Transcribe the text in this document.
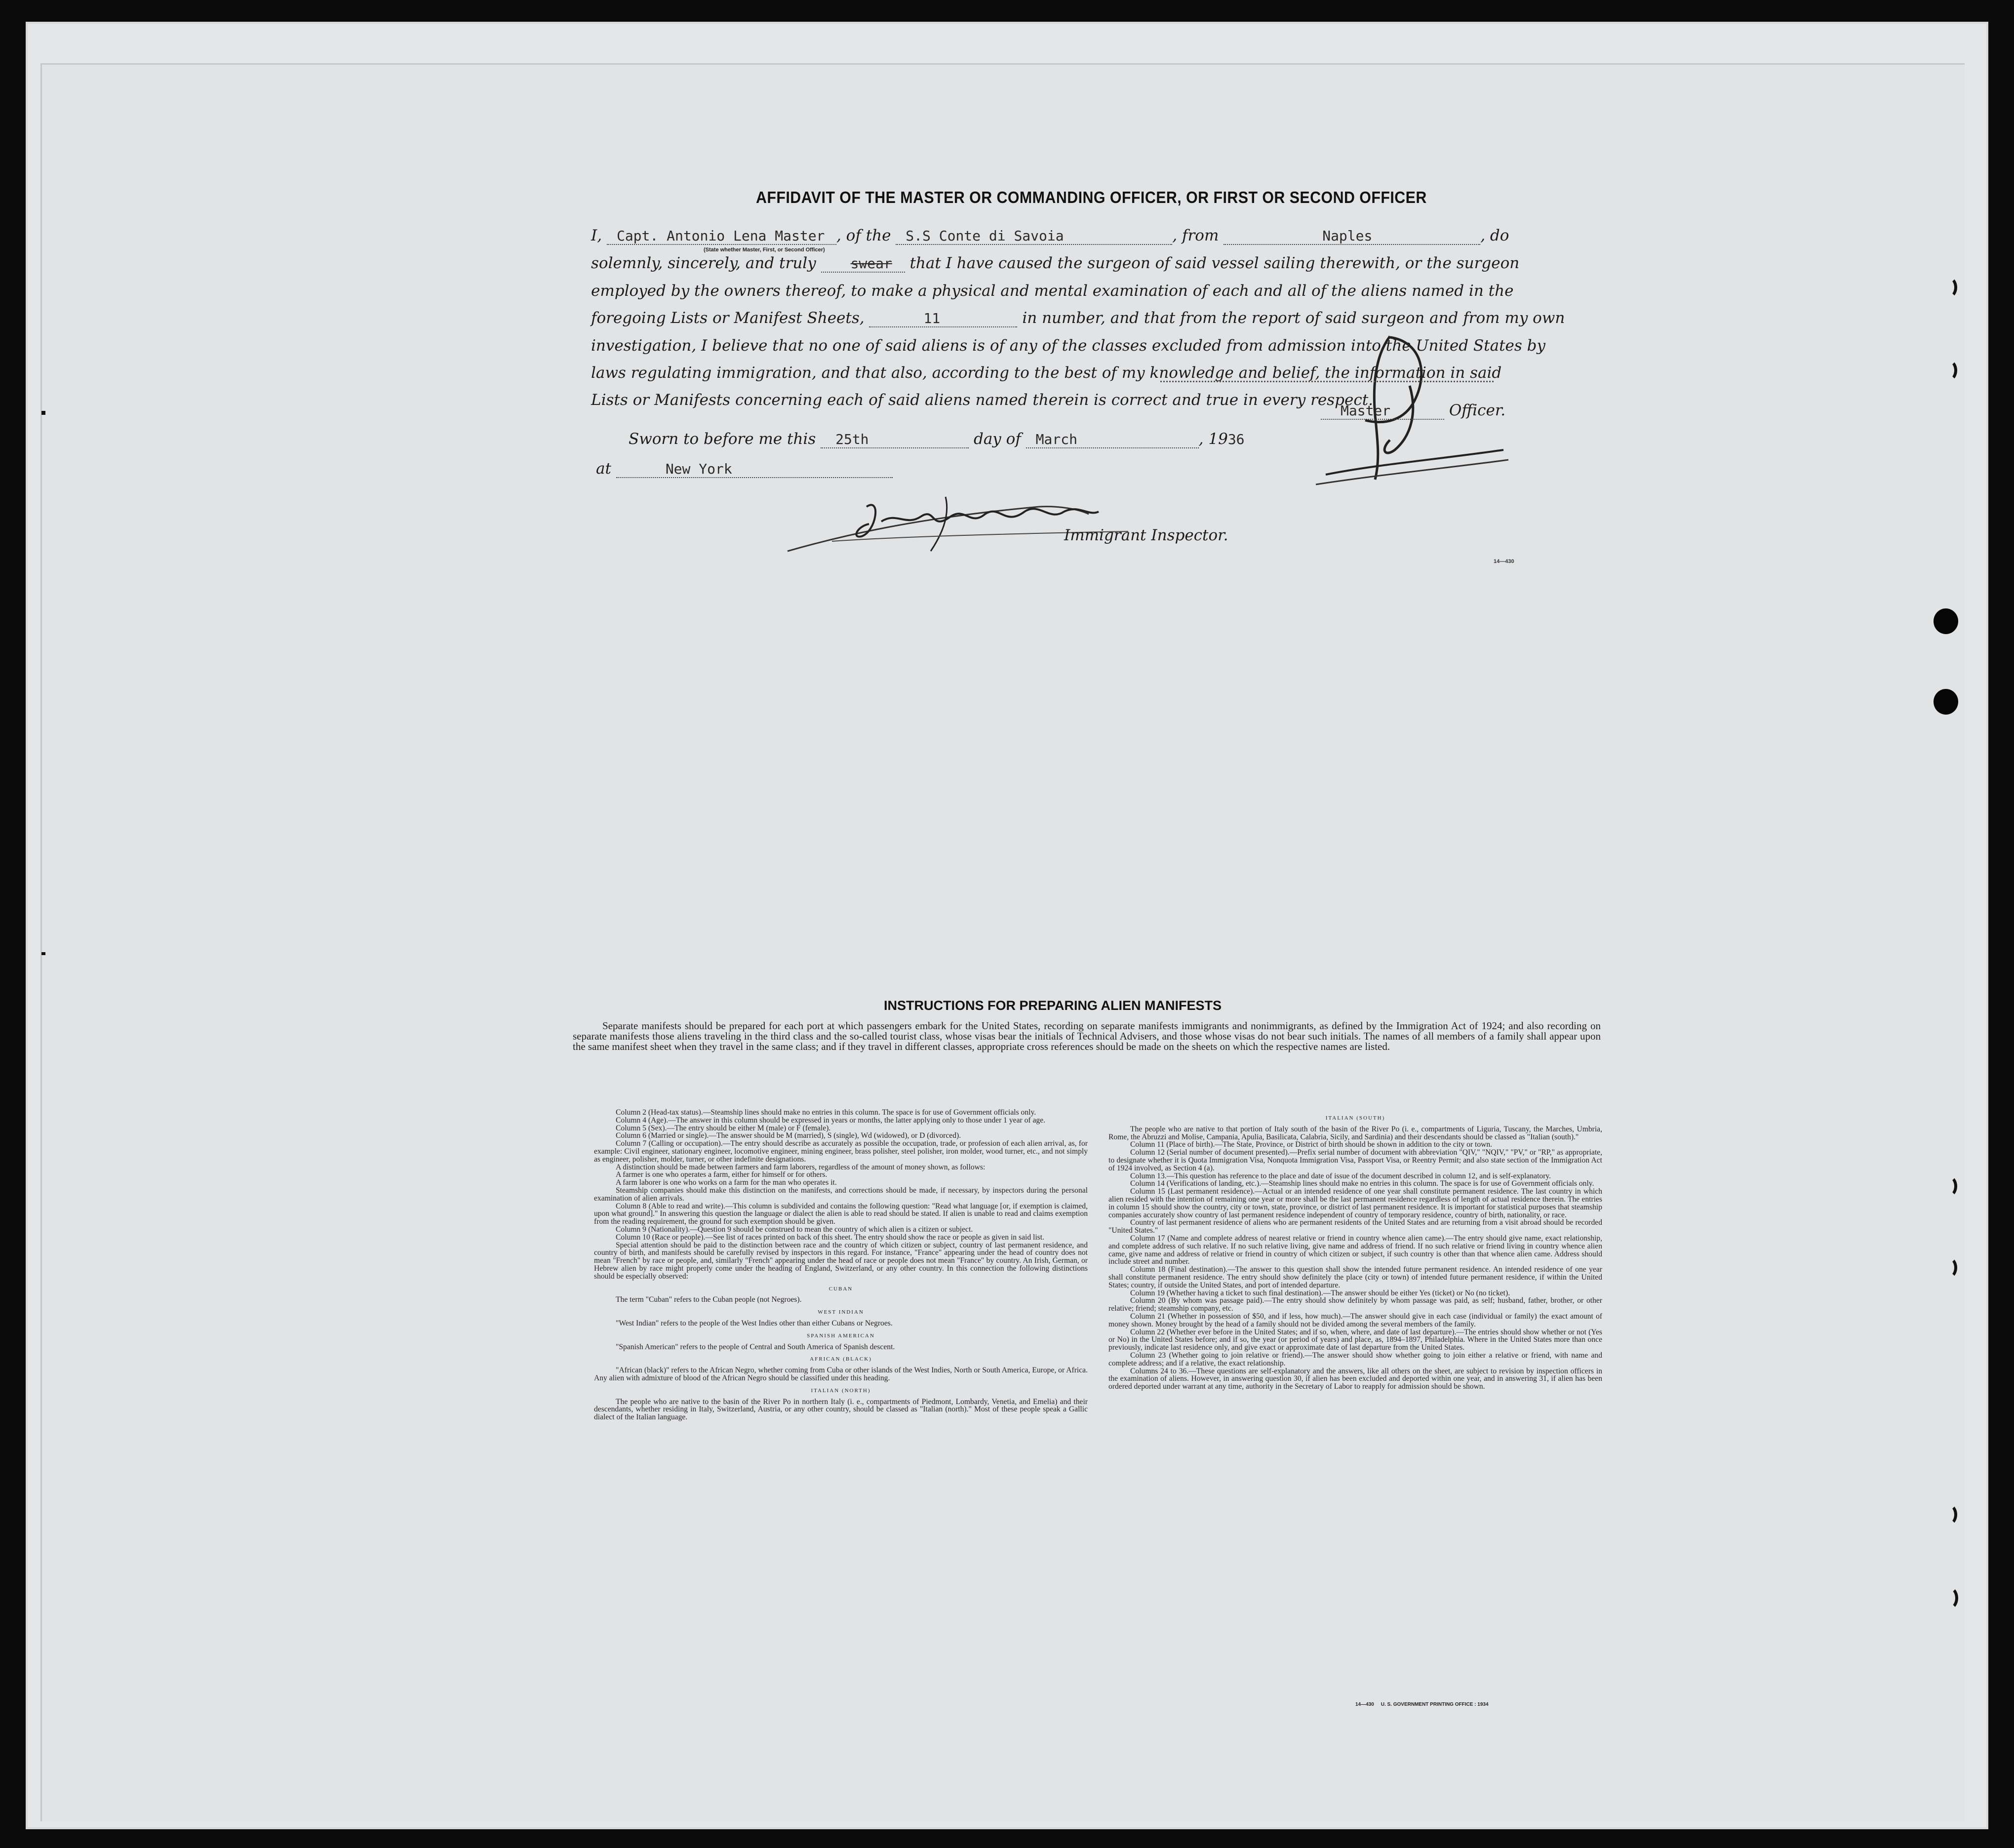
AFFIDAVIT OF THE MASTER OR COMMANDING OFFICER, OR FIRST OR SECOND OFFICER
I, Capt. Antonio Lena Master , of the S.S Conte di Savoia	, from	Naples	, do
(State whether Master, First, or Second Officer)
solemnly, sincerely, and truly swear that I have caused the surgeon of said vessel sailing therewith, or the surgeon
employed by the owners thereof, to make a physical and mental examination of each and all of the aliens named in the
foregoing Lists or Manifest Sheets,	11	in number, and that from the report of said surgeon and from my own
investigation, I believe that no one of said aliens is of any of the classes excluded from admission into the United States by
laws regulating immigration, and that also, according to the best of my knowledge and belief, the information in said
Lists or Manifests concerning each of said aliens named therein is correct and true in every respect.
Master	Officer.
Sworn to before me this 25th	day of March	, 1936
at	New York
Immigrant Inspector.
14—430
INSTRUCTIONS FOR PREPARING ALIEN MANIFESTS
Separate manifests should be prepared for each port at which passengers embark for the United States, recording on separate manifests immigrants and nonimmigrants, as defined by the Immigration Act of 1924; and also recording on separate manifests those aliens traveling in the third class and the so-called tourist class, whose visas bear the initials of Technical Advisers, and those whose visas do not bear such initials. The names of all members of a family shall appear upon the same manifest sheet when they travel in the same class; and if they travel in different classes, appropriate cross references should be made on the sheets on which the respective names are listed.

Column 2 (Head-tax status).—Steamship lines should make no entries in this column. The space is for use of Government officials only.

Column 4 (Age).—The answer in this column should be expressed in years or months, the latter applying only to those under 1 year of age.

Column 5 (Sex).—The entry should be either M (male) or F (female).

Column 6 (Married or single).—The answer should be M (married), S (single), Wd (widowed), or D (divorced).

Column 7 (Calling or occupation).—The entry should describe as accurately as possible the occupation, trade, or profession of each alien arrival, as, for example: Civil engineer, stationary engineer, locomotive engineer, mining engineer, brass polisher, steel polisher, iron molder, wood turner, etc., and not simply as engineer, polisher, molder, turner, or other indefinite designations.

A distinction should be made between farmers and farm laborers, regardless of the amount of money shown, as follows:

A farmer is one who operates a farm, either for himself or for others.

A farm laborer is one who works on a farm for the man who operates it.

Steamship companies should make this distinction on the manifests, and corrections should be made, if necessary, by inspectors during the personal examination of alien arrivals.

Column 8 (Able to read and write).—This column is subdivided and contains the following question: "Read what language [or, if exemption is claimed, upon what ground]." In answering this question the language or dialect the alien is able to read should be stated. If alien is unable to read and claims exemption from the reading requirement, the ground for such exemption should be given.

Column 9 (Nationality).—Question 9 should be construed to mean the country of which alien is a citizen or subject.

Column 10 (Race or people).—See list of races printed on back of this sheet. The entry should show the race or people as given in said list.

Special attention should be paid to the distinction between race and the country of which citizen or subject, country of last permanent residence, and country of birth, and manifests should be carefully revised by inspectors in this regard. For instance, "France" appearing under the head of country does not mean "French" by race or people, and, similarly "French" appearing under the head of race or people does not mean "France" by country. An Irish, German, or Hebrew alien by race might properly come under the heading of England, Switzerland, or any other country. In this connection the following distinctions should be especially observed:

CUBAN

The term "Cuban" refers to the Cuban people (not Negroes).

WEST INDIAN

"West Indian" refers to the people of the West Indies other than either Cubans or Negroes.

SPANISH AMERICAN

"Spanish American" refers to the people of Central and South America of Spanish descent.

AFRICAN (BLACK)

"African (black)" refers to the African Negro, whether coming from Cuba or other islands of the West Indies, North or South America, Europe, or Africa. Any alien with admixture of blood of the African Negro should be classified under this heading.

ITALIAN (NORTH)

The people who are native to the basin of the River Po in northern Italy (i. e., compartments of Piedmont, Lombardy, Venetia, and Emelia) and their descendants, whether residing in Italy, Switzerland, Austria, or any other country, should be classed as "Italian (north)." Most of these people speak a Gallic dialect of the Italian language.

ITALIAN (SOUTH)

The people who are native to that portion of Italy south of the basin of the River Po (i. e., compartments of Liguria, Tuscany, the Marches, Umbria, Rome, the Abruzzi and Molise, Campania, Apulia, Basilicata, Calabria, Sicily, and Sardinia) and their descendants should be classed as "Italian (south)."

Column 11 (Place of birth).—The State, Province, or District of birth should be shown in addition to the city or town.

Column 12 (Serial number of document presented).—Prefix serial number of document with abbreviation "QIV," "NQIV," "PV," or "RP," as appropriate, to designate whether it is Quota Immigration Visa, Nonquota Immigration Visa, Passport Visa, or Reentry Permit; and also state section of the Immigration Act of 1924 involved, as Section 4 (a).

Column 13.—This question has reference to the place and date of issue of the document described in column 12, and is self-explanatory.

Column 14 (Verifications of landing, etc.).—Steamship lines should make no entries in this column. The space is for use of Government officials only.

Column 15 (Last permanent residence).—Actual or an intended residence of one year shall constitute permanent residence. The last country in which alien resided with the intention of remaining one year or more shall be the last permanent residence regardless of length of actual residence therein. The entries in column 15 should show the country, city or town, state, province, or district of last permanent residence. It is important for statistical purposes that steamship companies accurately show country of last permanent residence independent of country of temporary residence, country of birth, nationality, or race.

Country of last permanent residence of aliens who are permanent residents of the United States and are returning from a visit abroad should be recorded "United States."

Column 17 (Name and complete address of nearest relative or friend in country whence alien came).—The entry should give name, exact relationship, and complete address of such relative. If no such relative living, give name and address of friend. If no such relative or friend living in country whence alien came, give name and address of relative or friend in country of which citizen or subject, if such country is other than that whence alien came. Address should include street and number.

Column 18 (Final destination).—The answer to this question shall show the intended future permanent residence. An intended residence of one year shall constitute permanent residence. The entry should show definitely the place (city or town) of intended future permanent residence, if within the United States; country, if outside the United States, and port of intended departure.

Column 19 (Whether having a ticket to such final destination).—The answer should be either Yes (ticket) or No (no ticket).

Column 20 (By whom was passage paid).—The entry should show definitely by whom passage was paid, as self; husband, father, brother, or other relative; friend; steamship company, etc.

Column 21 (Whether in possession of $50, and if less, how much).—The answer should give in each case (individual or family) the exact amount of money shown. Money brought by the head of a family should not be divided among the several members of the family.

Column 22 (Whether ever before in the United States; and if so, when, where, and date of last departure).—The entries should show whether or not (Yes or No) in the United States before; and if so, the year (or period of years) and place, as, 1894–1897, Philadelphia. Where in the United States more than once previously, indicate last residence only, and give exact or approximate date of last departure from the United States.

Column 23 (Whether going to join relative or friend).—The answer should show whether going to join either a relative or friend, with name and complete address; and if a relative, the exact relationship.

Columns 24 to 36.—These questions are self-explanatory and the answers, like all others on the sheet, are subject to revision by inspection officers in the examination of aliens. However, in answering question 30, if alien has been excluded and deported within one year, and in answering 31, if alien has been ordered deported under warrant at any time, authority in the Secretary of Labor to reapply for admission should be shown.

14—430 U. S. GOVERNMENT PRINTING OFFICE : 1934
